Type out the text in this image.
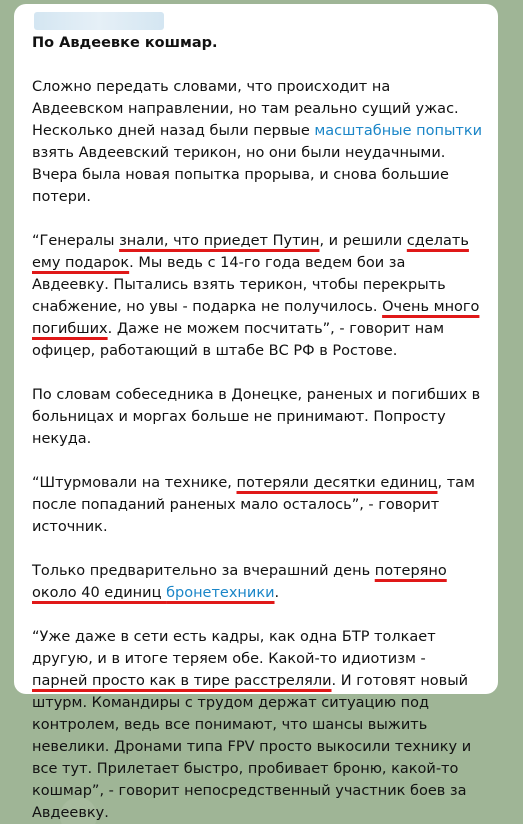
По Авдеевке кошмар.

Сложно передать словами, что происходит на Авдеевском направлении, но там реально сущий ужас. Несколько дней назад были первые масштабные попытки взять Авдеевский терикон, но они были неудачными. Вчера была новая попытка прорыва, и снова большие потери.

“Генералы знали, что приедет Путин, и решили сделать ему подарок. Мы ведь с 14-го года ведем бои за Авдеевку. Пытались взять терикон, чтобы перекрыть снабжение, но увы - подарка не получилось. Очень много погибших. Даже не можем посчитать”, - говорит нам офицер, работающий в штабе ВС РФ в Ростове.

По словам собеседника в Донецке, раненых и погибших в больницах и моргах больше не принимают. Попросту некуда.

“Штурмовали на технике, потеряли десятки единиц, там после попаданий раненых мало осталось”, - говорит источник.

Только предварительно за вчерашний день потеряно около 40 единиц бронетехники.

“Уже даже в сети есть кадры, как одна БТР толкает другую, и в итоге теряем обе. Какой-то идиотизм - парней просто как в тире расстреляли. И готовят новый штурм. Командиры с трудом держат ситуацию под контролем, ведь все понимают, что шансы выжить невелики. Дронами типа FPV просто выкосили технику и все тут. Прилетает быстро, пробивает броню, какой-то кошмар”, - говорит непосредственный участник боев за Авдеевку.
